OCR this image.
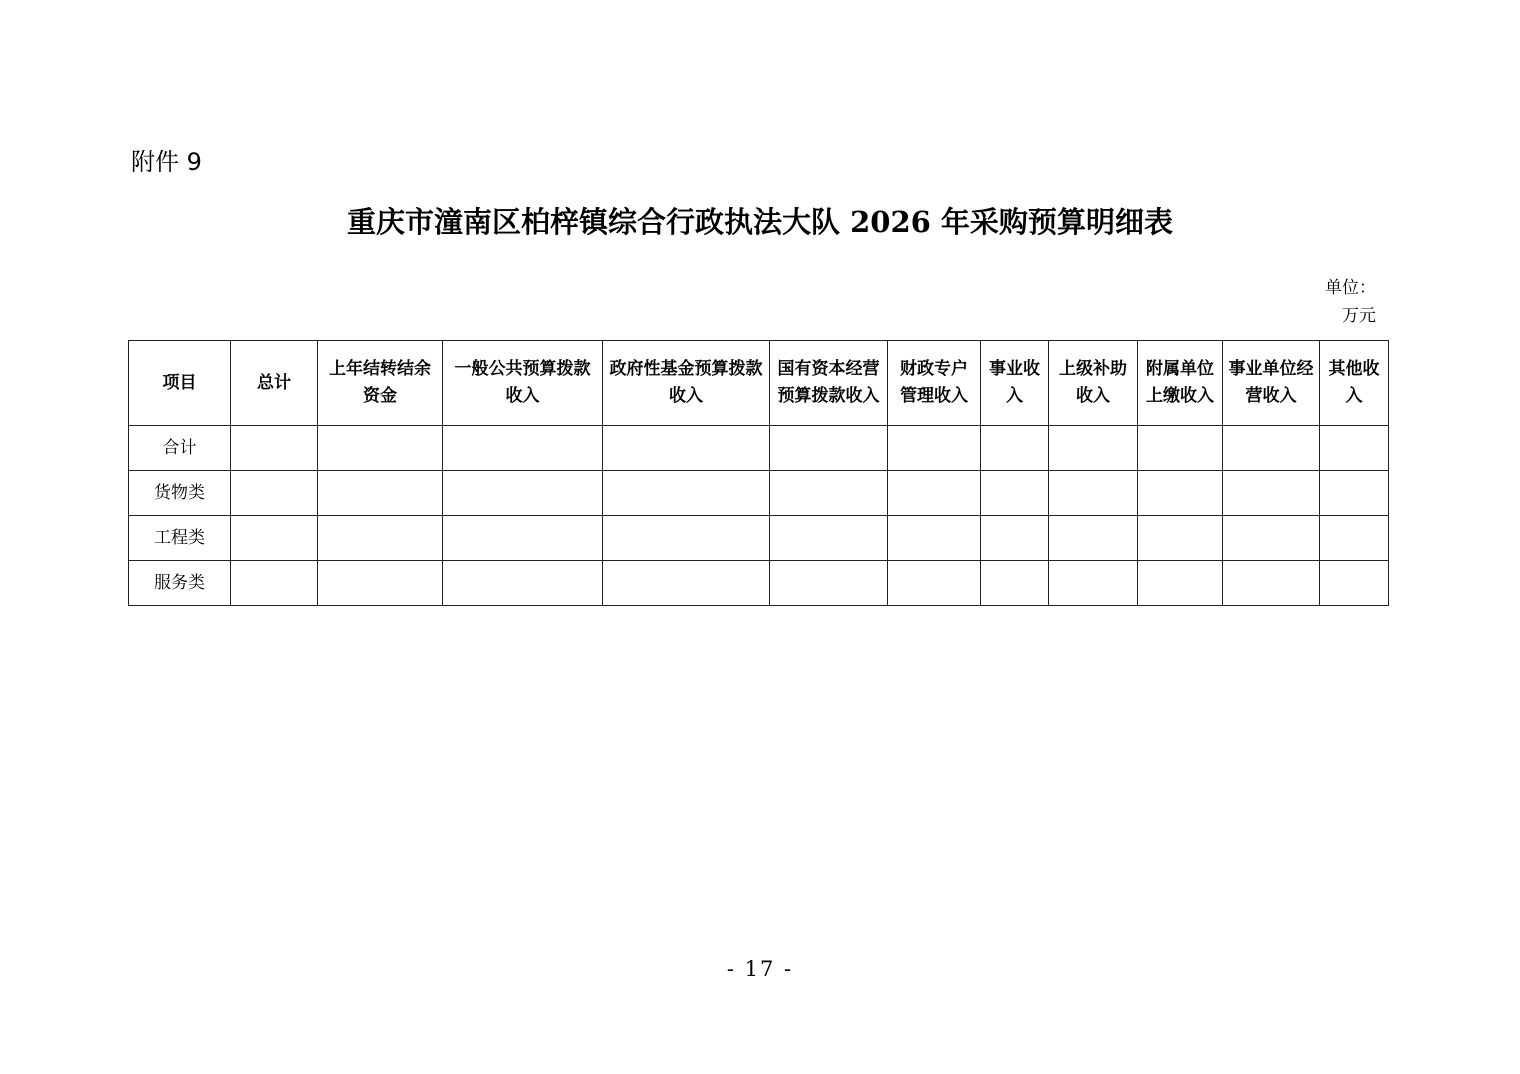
附件 9
重庆市潼南区柏梓镇综合行政执法大队 2026 年采购预算明细表
单位：
万元
项目	总计	上年结转结余资金	一般公共预算拨款收入	政府性基金预算拨款收入	国有资本经营预算拨款收入	财政专户管理收入	事业收入	上级补助收入	附属单位上缴收入	事业单位经营收入	其他收入
合计											
货物类											
工程类											
服务类											
- 17 -
